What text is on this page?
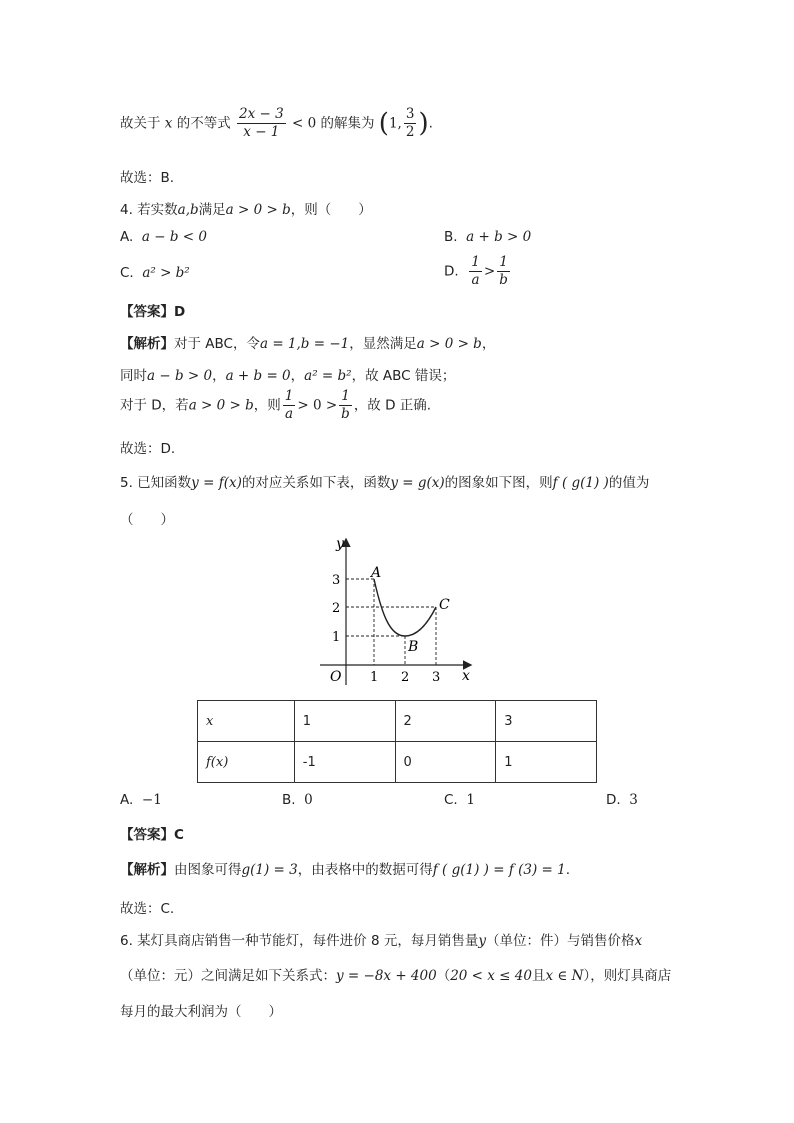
故关于 x 的不等式 $\frac{2x - 3}{x - 1} < 0$ 的解集为 (1, $\frac{3}{2}$ ).
故选：B.
4. 若实数a,b满足a > 0 > b，则（　　）
A. a − b < 0	B. a + b > 0
C. a² > b²	D. $\frac{1}{a} > \frac{1}{b}$
【答案】D
【解析】对于 ABC，令a = 1,b = −1，显然满足a > 0 > b，
同时a − b > 0，a + b = 0，a² = b²，故 ABC 错误；
对于 D，若a > 0 > b，则 $\frac{1}{a} > 0 > \frac{1}{b}$ ，故 D 正确.
故选：D.
5. 已知函数y = f(x)的对应关系如下表，函数y = g(x)的图象如下图，则f ( g(1) )的值为
（　　）
y
x
O
3
2
1
1 2 3
A
B
C
x	1	2	3
f(x)	-1	0	1
A. −1	B. 0	C. 1	D. 3
【答案】C
【解析】由图象可得g(1) = 3，由表格中的数据可得f ( g(1) ) = f (3) = 1.
故选：C.
6. 某灯具商店销售一种节能灯，每件进价 8 元，每月销售量y（单位：件）与销售价格x
（单位：元）之间满足如下关系式：y = −8x + 400（20 < x ≤ 40且x ∈ N），则灯具商店
每月的最大利润为（　　）
